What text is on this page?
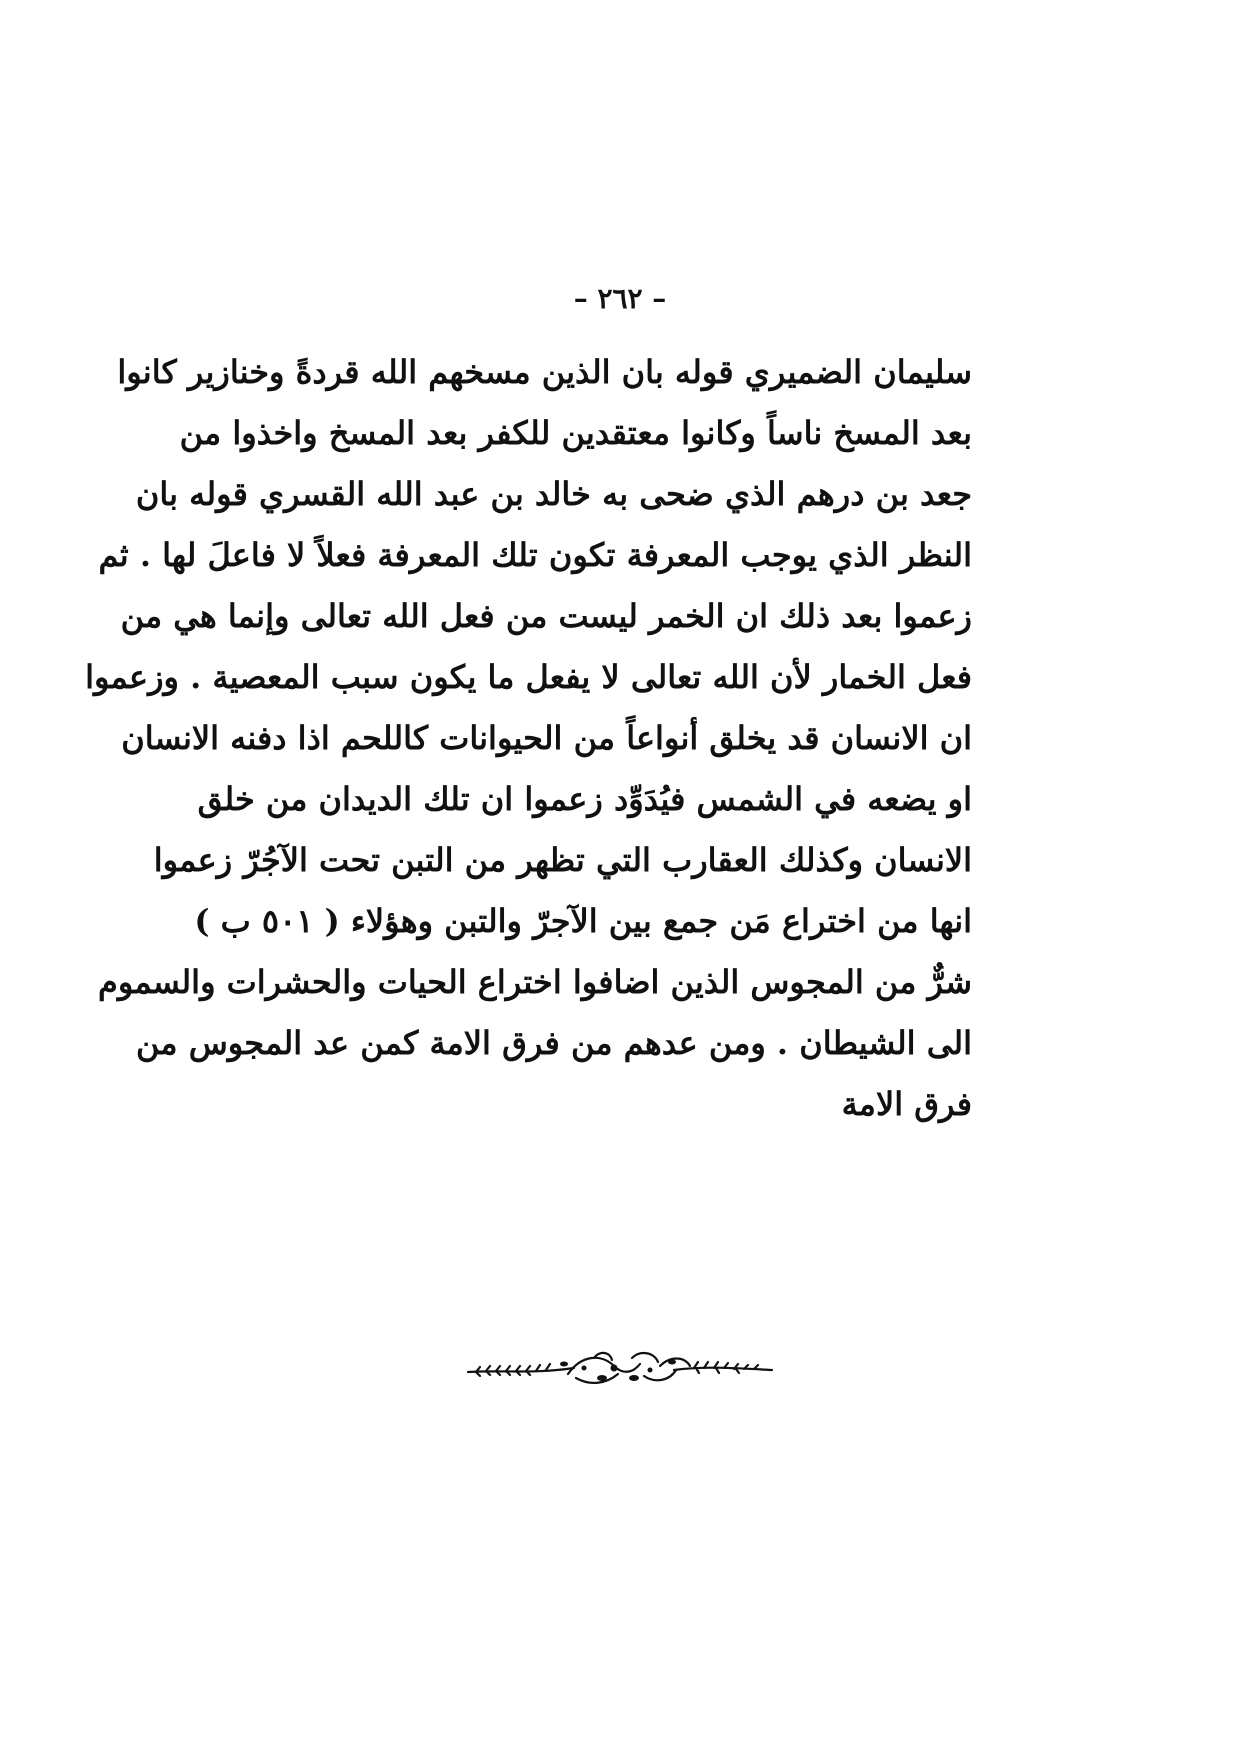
– ٢٦٢ –
سليمان الضميري قوله بان الذين مسخهم الله قردةً وخنازير كانوا
بعد المسخ ناساً وكانوا معتقدين للكفر بعد المسخ واخذوا من
جعد بن درهم الذي ضحى به خالد بن عبد الله القسري قوله بان
النظر الذي يوجب المعرفة تكون تلك المعرفة فعلاً لا فاعلَ لها . ثم
زعموا بعد ذلك ان الخمر ليست من فعل الله تعالى وإنما هي من
فعل الخمار لأن الله تعالى لا يفعل ما يكون سبب المعصية . وزعموا
ان الانسان قد يخلق أنواعاً من الحيوانات كاللحم اذا دفنه الانسان
او يضعه في الشمس فيُدَوِّد زعموا ان تلك الديدان من خلق
الانسان وكذلك العقارب التي تظهر من التبن تحت الآجُرّ زعموا
انها من اختراع مَن جمع بين الآجرّ والتبن وهؤلاء ( ٥٠١ ب )
شرٌّ من المجوس الذين اضافوا اختراع الحيات والحشرات والسموم
الى الشيطان . ومن عدهم من فرق الامة كمن عد المجوس من
فرق الامة
